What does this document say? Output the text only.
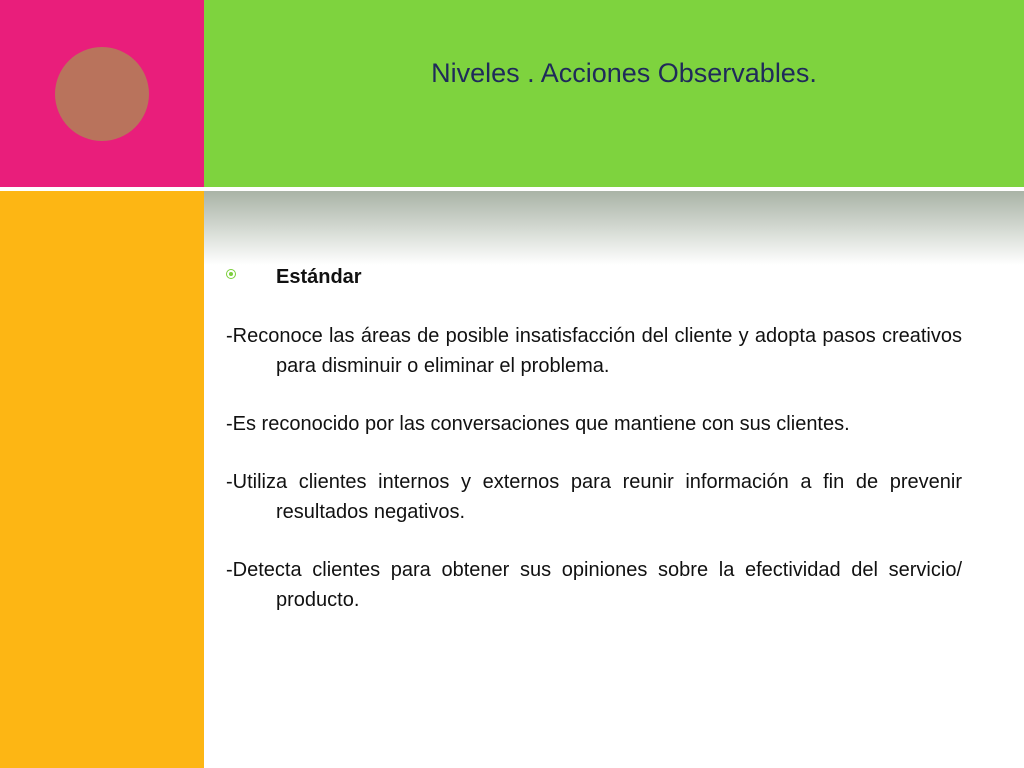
Niveles . Acciones Observables.
Estándar

-Reconoce las áreas de posible insatisfacción del cliente y adopta pasos creativos para disminuir o eliminar el problema.

-Es reconocido por las conversaciones que mantiene con sus clientes.

-Utiliza clientes internos y externos para reunir información a fin de prevenir resultados negativos.

-Detecta clientes para obtener sus opiniones sobre la efectividad del servicio/ producto.
